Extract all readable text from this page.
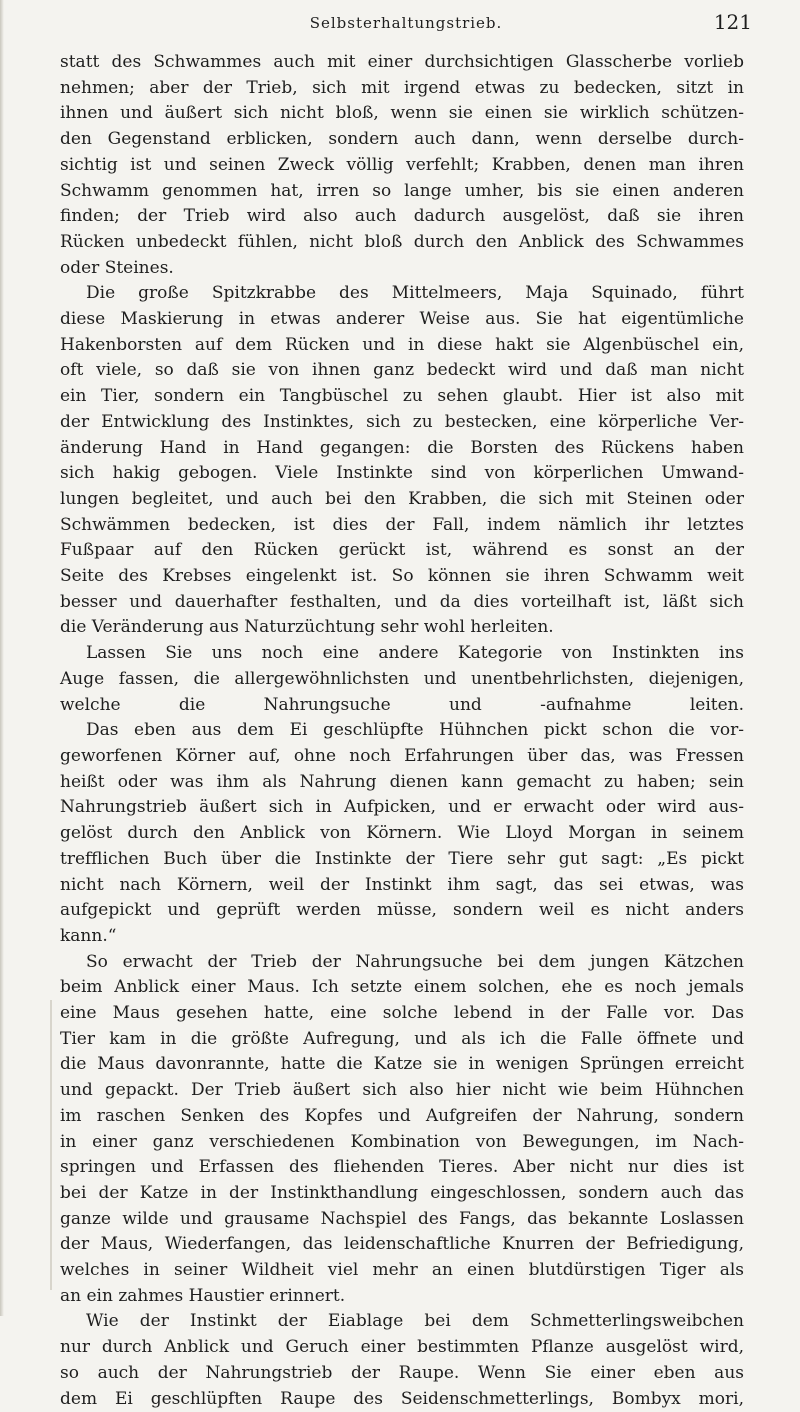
Selbsterhaltungstrieb.	121
statt des Schwammes auch mit einer durchsichtigen Glasscherbe vorlieb
nehmen; aber der Trieb, sich mit irgend etwas zu bedecken, sitzt in
ihnen und äußert sich nicht bloß, wenn sie einen sie wirklich schützen-
den Gegenstand erblicken, sondern auch dann, wenn derselbe durch-
sichtig ist und seinen Zweck völlig verfehlt; Krabben, denen man ihren
Schwamm genommen hat, irren so lange umher, bis sie einen anderen
finden; der Trieb wird also auch dadurch ausgelöst, daß sie ihren
Rücken unbedeckt fühlen, nicht bloß durch den Anblick des Schwammes
oder Steines.
Die große Spitzkrabbe des Mittelmeers, Maja Squinado, führt
diese Maskierung in etwas anderer Weise aus. Sie hat eigentümliche
Hakenborsten auf dem Rücken und in diese hakt sie Algenbüschel ein,
oft viele, so daß sie von ihnen ganz bedeckt wird und daß man nicht
ein Tier, sondern ein Tangbüschel zu sehen glaubt. Hier ist also mit
der Entwicklung des Instinktes, sich zu bestecken, eine körperliche Ver-
änderung Hand in Hand gegangen: die Borsten des Rückens haben
sich hakig gebogen. Viele Instinkte sind von körperlichen Umwand-
lungen begleitet, und auch bei den Krabben, die sich mit Steinen oder
Schwämmen bedecken, ist dies der Fall, indem nämlich ihr letztes
Fußpaar auf den Rücken gerückt ist, während es sonst an der
Seite des Krebses eingelenkt ist. So können sie ihren Schwamm weit
besser und dauerhafter festhalten, und da dies vorteilhaft ist, läßt sich
die Veränderung aus Naturzüchtung sehr wohl herleiten.
Lassen Sie uns noch eine andere Kategorie von Instinkten ins
Auge fassen, die allergewöhnlichsten und unentbehrlichsten, diejenigen,
welche die Nahrungsuche und -aufnahme leiten.
Das eben aus dem Ei geschlüpfte Hühnchen pickt schon die vor-
geworfenen Körner auf, ohne noch Erfahrungen über das, was Fressen
heißt oder was ihm als Nahrung dienen kann gemacht zu haben; sein
Nahrungstrieb äußert sich in Aufpicken, und er erwacht oder wird aus-
gelöst durch den Anblick von Körnern. Wie Lloyd Morgan in seinem
trefflichen Buch über die Instinkte der Tiere sehr gut sagt: „Es pickt
nicht nach Körnern, weil der Instinkt ihm sagt, das sei etwas, was
aufgepickt und geprüft werden müsse, sondern weil es nicht anders
kann.“
So erwacht der Trieb der Nahrungsuche bei dem jungen Kätzchen
beim Anblick einer Maus. Ich setzte einem solchen, ehe es noch jemals
eine Maus gesehen hatte, eine solche lebend in der Falle vor. Das
Tier kam in die größte Aufregung, und als ich die Falle öffnete und
die Maus davonrannte, hatte die Katze sie in wenigen Sprüngen erreicht
und gepackt. Der Trieb äußert sich also hier nicht wie beim Hühnchen
im raschen Senken des Kopfes und Aufgreifen der Nahrung, sondern
in einer ganz verschiedenen Kombination von Bewegungen, im Nach-
springen und Erfassen des fliehenden Tieres. Aber nicht nur dies ist
bei der Katze in der Instinkthandlung eingeschlossen, sondern auch das
ganze wilde und grausame Nachspiel des Fangs, das bekannte Loslassen
der Maus, Wiederfangen, das leidenschaftliche Knurren der Befriedigung,
welches in seiner Wildheit viel mehr an einen blutdürstigen Tiger als
an ein zahmes Haustier erinnert.
Wie der Instinkt der Eiablage bei dem Schmetterlingsweibchen
nur durch Anblick und Geruch einer bestimmten Pflanze ausgelöst wird,
so auch der Nahrungstrieb der Raupe. Wenn Sie einer eben aus
dem Ei geschlüpften Raupe des Seidenschmetterlings, Bombyx mori,
